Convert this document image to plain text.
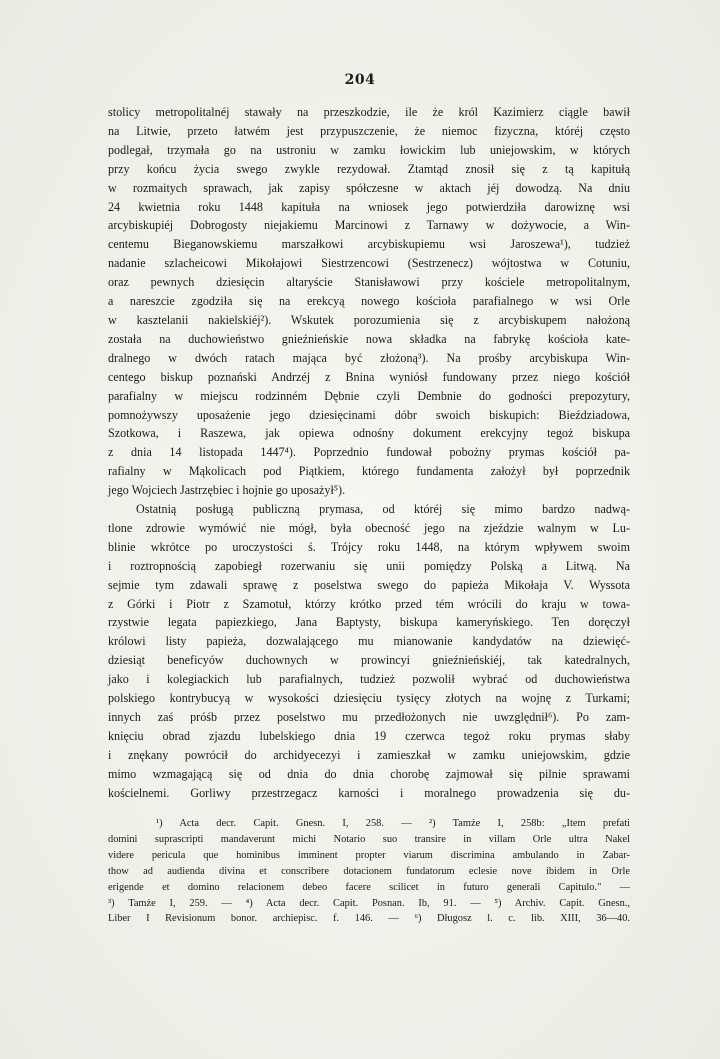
204

stolicy metropolitalnéj stawały na przeszkodzie, ile że król Kazimierz ciągle bawił
na Litwie, przeto łatwém jest przypuszczenie, że niemoc fizyczna, któréj często
podlegał, trzymała go na ustroniu w zamku łowickim lub uniejowskim, w których
przy końcu życia swego zwykle rezydował. Ztamtąd znosił się z tą kapitułą
w rozmaitych sprawach, jak zapisy spółczesne w aktach jéj dowodzą. Na dniu
24 kwietnia roku 1448 kapituła na wniosek jego potwierdziła darowiznę wsi
arcybiskupiéj Dobrogosty niejakiemu Marcinowi z Tarnawy w dożywocie, a Win-
centemu Bieganowskiemu marszałkowi arcybiskupiemu wsi Jaroszewa¹), tudzież
nadanie szlacheicowi Mikołajowi Siestrzencowi (Sestrzenecz) wójtostwa w Cotuniu,
oraz pewnych dziesięcin altaryście Stanisławowi przy kościele metropolitalnym,
a nareszcie zgodziła się na erekcyą nowego kościoła parafialnego w wsi Orle
w kasztelanii nakielskiéj²). Wskutek porozumienia się z arcybiskupem nałożoną
została na duchowieństwo gnieźnieńskie nowa składka na fabrykę kościoła kate-
dralnego w dwóch ratach mająca być złożoną³). Na prośby arcybiskupa Win-
centego biskup poznański Andrzéj z Bnina wyniósł fundowany przez niego kościół
parafialny w miejscu rodzinném Dębnie czyli Dembnie do godności prepozytury,
pomnożywszy uposażenie jego dziesięcinami dóbr swoich biskupich: Bieździadowa,
Szotkowa, i Raszewa, jak opiewa odnośny dokument erekcyjny tegoż biskupa
z dnia 14 listopada 1447⁴). Poprzednio fundował pobożny prymas kościół pa-
rafialny w Mąkolicach pod Piątkiem, którego fundamenta założył był poprzednik
jego Wojciech Jastrzębiec i hojnie go uposażył⁵).

Ostatnią posługą publiczną prymasa, od któréj się mimo bardzo nadwą-
tlone zdrowie wymówić nie mógł, była obecność jego na zjeździe walnym w Lu-
blinie wkrótce po uroczystości ś. Trójcy roku 1448, na którym wpływem swoim
i roztropnością zapobiegł rozerwaniu się unii pomiędzy Polską a Litwą. Na
sejmie tym zdawali sprawę z poselstwa swego do papieża Mikołaja V. Wyssota
z Górki i Piotr z Szamotuł, którzy krótko przed tém wrócili do kraju w towa-
rzystwie legata papiezkiego, Jana Baptysty, biskupa kameryńskiego. Ten doręczył
królowi listy papieża, dozwalającego mu mianowanie kandydatów na dziewięć-
dziesiąt beneficyów duchownych w prowincyi gnieźnieńskiéj, tak katedralnych,
jako i kolegiackich lub parafialnych, tudzież pozwolił wybrać od duchowieństwa
polskiego kontrybucyą w wysokości dziesięciu tysięcy złotych na wojnę z Turkami;
innych zaś próśb przez poselstwo mu przedłożonych nie uwzględnił⁶). Po zam-
knięciu obrad zjazdu lubelskiego dnia 19 czerwca tegoż roku prymas słaby
i znękany powrócił do archidyecezyi i zamieszkał w zamku uniejowskim, gdzie
mimo wzmagającą się od dnia do dnia chorobę zajmował się pilnie sprawami
kościelnemi. Gorliwy przestrzegacz karności i moralnego prowadzenia się du-

¹) Acta decr. Capit. Gnesn. I, 258. — ²) Tamże I, 258b: „Item prefati
domini suprascripti mandaverunt michi Notario suo transire in villam Orle ultra Nakel
videre pericula que hominibus imminent propter viarum discrimina ambulando in Zabar-
thow ad audienda divina et conscribere dotacionem fundatorum eclesie nove ibidem in Orle
erigende et domino relacionem debeo facere scilicet in futuro generali Capitulo." —
³) Tamże I, 259. — ⁴) Acta decr. Capit. Posnan. Ib, 91. — ⁵) Archiv. Capit. Gnesn.,
Liber I Revisionum bonor. archiepisc. f. 146. — ⁶) Długosz l. c. lib. XIII, 36—40.
